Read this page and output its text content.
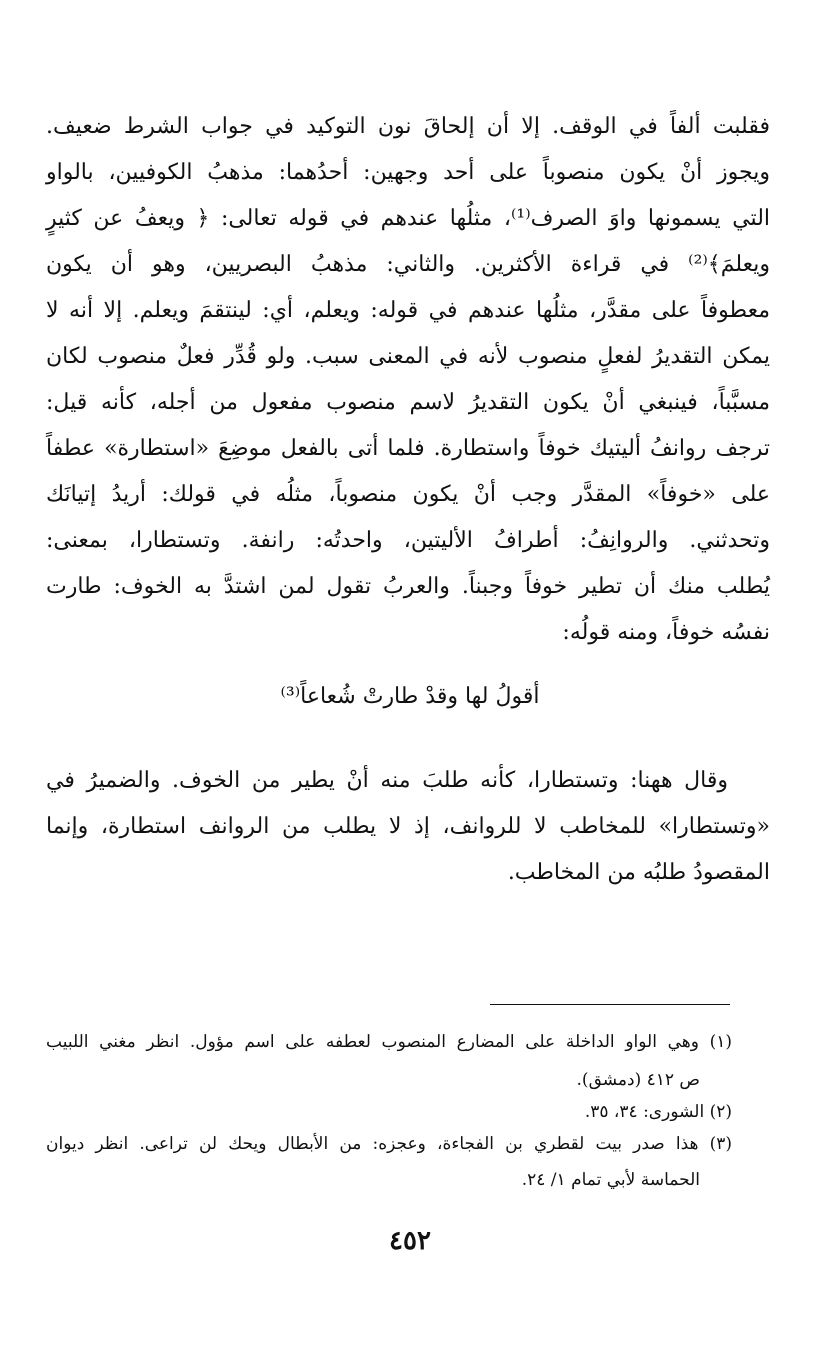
فقلبت ألفاً في الوقف. إلا أن إلحاقَ نون التوكيد في جواب الشرط ضعيف.
ويجوز أنْ يكون منصوباً على أحد وجهين: أحدُهما: مذهبُ الكوفيين، بالواو
التي يسمونها واوَ الصرف⁽¹⁾، مثلُها عندهم في قوله تعالى: ﴿ ويعفُ عن كثيرٍ
ويعلمَ﴾⁽²⁾ في قراءة الأكثرين. والثاني: مذهبُ البصريين، وهو أن يكون
معطوفاً على مقدَّر، مثلُها عندهم في قوله: ويعلم، أي: لينتقمَ ويعلم. إلا أنه لا
يمكن التقديرُ لفعلٍ منصوب لأنه في المعنى سبب. ولو قُدِّر فعلٌ منصوب لكان
مسبَّباً، فينبغي أنْ يكون التقديرُ لاسم منصوب مفعول من أجله، كأنه قيل:
ترجف روانفُ أليتيك خوفاً واستطارة. فلما أتى بالفعل موضِعَ «استطارة» عطفاً
على «خوفاً» المقدَّر وجب أنْ يكون منصوباً، مثلُه في قولك: أريدُ إتيانَك
وتحدثني. والروانِفُ: أطرافُ الأليتين، واحدتُه: رانفة. وتستطارا، بمعنى:
يُطلب منك أن تطير خوفاً وجبناً. والعربُ تقول لمن اشتدَّ به الخوف: طارت
نفسُه خوفاً، ومنه قولُه:
أقولُ لها وقدْ طارتْ شُعاعاً⁽³⁾
وقال ههنا: وتستطارا، كأنه طلبَ منه أنْ يطير من الخوف. والضميرُ في
«وتستطارا» للمخاطب لا للروانف، إذ لا يطلب من الروانف استطارة، وإنما
المقصودُ طلبُه من المخاطب.
(١) وهي الواو الداخلة على المضارع المنصوب لعطفه على اسم مؤول. انظر مغني اللبيب
ص ٤١٢ (دمشق).
(٢) الشورى: ٣٤، ٣٥.
(٣) هذا صدر بيت لقطري بن الفجاءة، وعجزه: من الأبطال ويحك لن تراعى. انظر ديوان
الحماسة لأبي تمام ١/ ٢٤.
٤٥٢
